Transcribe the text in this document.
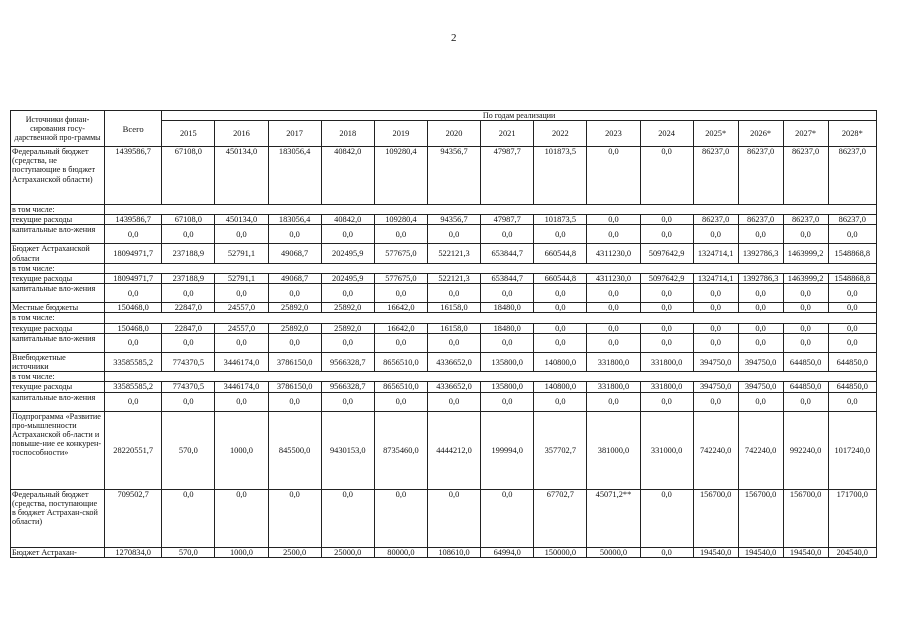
2
Источники финан-сирования госу-дарственной про-граммы	Всего	По годам реализации													
		2015	2016	2017	2018	2019	2020	2021	2022	2023	2024	2025*	2026*	2027*	2028*
Федеральный бюджет (средства, не поступающие в бюджет Астраханской области)	1439586,7	67108,0	450134,0	183056,4	40842,0	109280,4	94356,7	47987,7	101873,5	0,0	0,0	86237,0	86237,0	86237,0	86237,0
в том числе:															
текущие расходы	1439586,7	67108,0	450134,0	183056,4	40842,0	109280,4	94356,7	47987,7	101873,5	0,0	0,0	86237,0	86237,0	86237,0	86237,0
капитальные вло-жения	0,0	0,0	0,0	0,0	0,0	0,0	0,0	0,0	0,0	0,0	0,0	0,0	0,0	0,0	0,0
Бюджет Астраханской области	18094971,7	237188,9	52791,1	49068,7	202495,9	577675,0	522121,3	653844,7	660544,8	4311230,0	5097642,9	1324714,1	1392786,3	1463999,2	1548868,8
в том числе:															
текущие расходы	18094971,7	237188,9	52791,1	49068,7	202495,9	577675,0	522121,3	653844,7	660544,8	4311230,0	5097642,9	1324714,1	1392786,3	1463999,2	1548868,8
капитальные вло-жения	0,0	0,0	0,0	0,0	0,0	0,0	0,0	0,0	0,0	0,0	0,0	0,0	0,0	0,0	0,0
Местные бюджеты	150468,0	22847,0	24557,0	25892,0	25892,0	16642,0	16158,0	18480,0	0,0	0,0	0,0	0,0	0,0	0,0	0,0
в том числе:															
текущие расходы	150468,0	22847,0	24557,0	25892,0	25892,0	16642,0	16158,0	18480,0	0,0	0,0	0,0	0,0	0,0	0,0	0,0
капитальные вло-жения	0,0	0,0	0,0	0,0	0,0	0,0	0,0	0,0	0,0	0,0	0,0	0,0	0,0	0,0	0,0
Внебюджетные источники	33585585,2	774370,5	3446174,0	3786150,0	9566328,7	8656510,0	4336652,0	135800,0	140800,0	331800,0	331800,0	394750,0	394750,0	644850,0	644850,0
в том числе:															
текущие расходы	33585585,2	774370,5	3446174,0	3786150,0	9566328,7	8656510,0	4336652,0	135800,0	140800,0	331800,0	331800,0	394750,0	394750,0	644850,0	644850,0
капитальные вло-жения	0,0	0,0	0,0	0,0	0,0	0,0	0,0	0,0	0,0	0,0	0,0	0,0	0,0	0,0	0,0
Подпрограмма «Развитие про-мышленности Астраханской об-ласти и повыше-ние ее конкурен-тоспособности»	28220551,7	570,0	1000,0	845500,0	9430153,0	8735460,0	4444212,0	199994,0	357702,7	381000,0	331000,0	742240,0	742240,0	992240,0	1017240,0
Федеральный бюджет (средства, поступающие в бюджет Астрахан-ской области)	709502,7	0,0	0,0	0,0	0,0	0,0	0,0	0,0	67702,7	45071,2**	0,0	156700,0	156700,0	156700,0	171700,0
Бюджет Астрахан-	1270834,0	570,0	1000,0	2500,0	25000,0	80000,0	108610,0	64994,0	150000,0	50000,0	0,0	194540,0	194540,0	194540,0	204540,0
